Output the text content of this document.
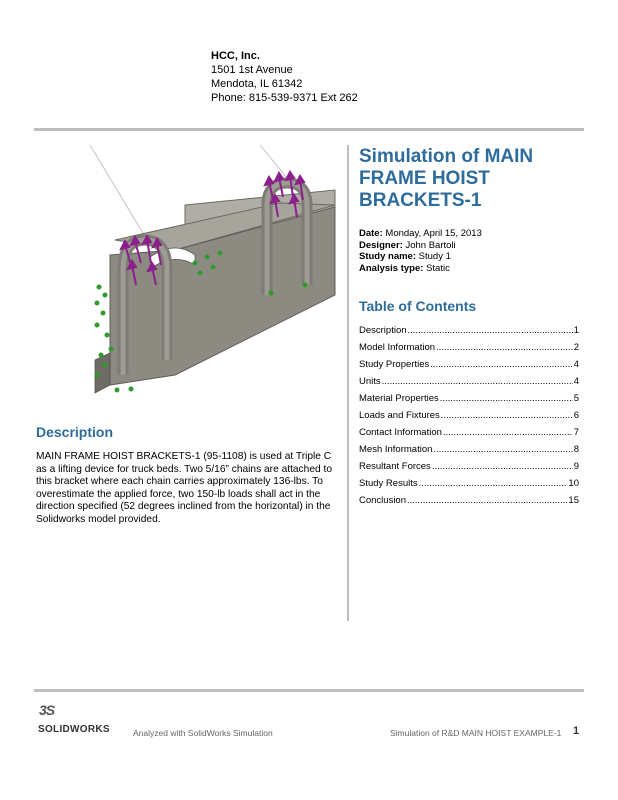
HCC, Inc.
1501 1st Avenue
Mendota, IL 61342
Phone: 815-539-9371 Ext 262
Simulation of MAIN FRAME HOIST BRACKETS-1
Date: Monday, April 15, 2013
Designer: John Bartoli
Study name: Study 1
Analysis type: Static
Table of Contents
Description .....	1
Model Information .....	2
Study Properties .....	4
Units .....	4
Material Properties .....	5
Loads and Fixtures .....	6
Contact Information .....	7
Mesh Information .....	8
Resultant Forces .....	9
Study Results .....	10
Conclusion .....	15
Description
MAIN FRAME HOIST BRACKETS-1 (95-1108) is used at Triple C as a lifting device for truck beds. Two 5/16” chains are attached to this bracket where each chain carries approximately 136-lbs. To overestimate the applied force, two 150-lb loads shall act in the direction specified (52 degrees inclined from the horizontal) in the Solidworks model provided.
3S
SOLIDWORKS	Analyzed with SolidWorks Simulation	Simulation of R&D MAIN HOIST EXAMPLE-1 1
